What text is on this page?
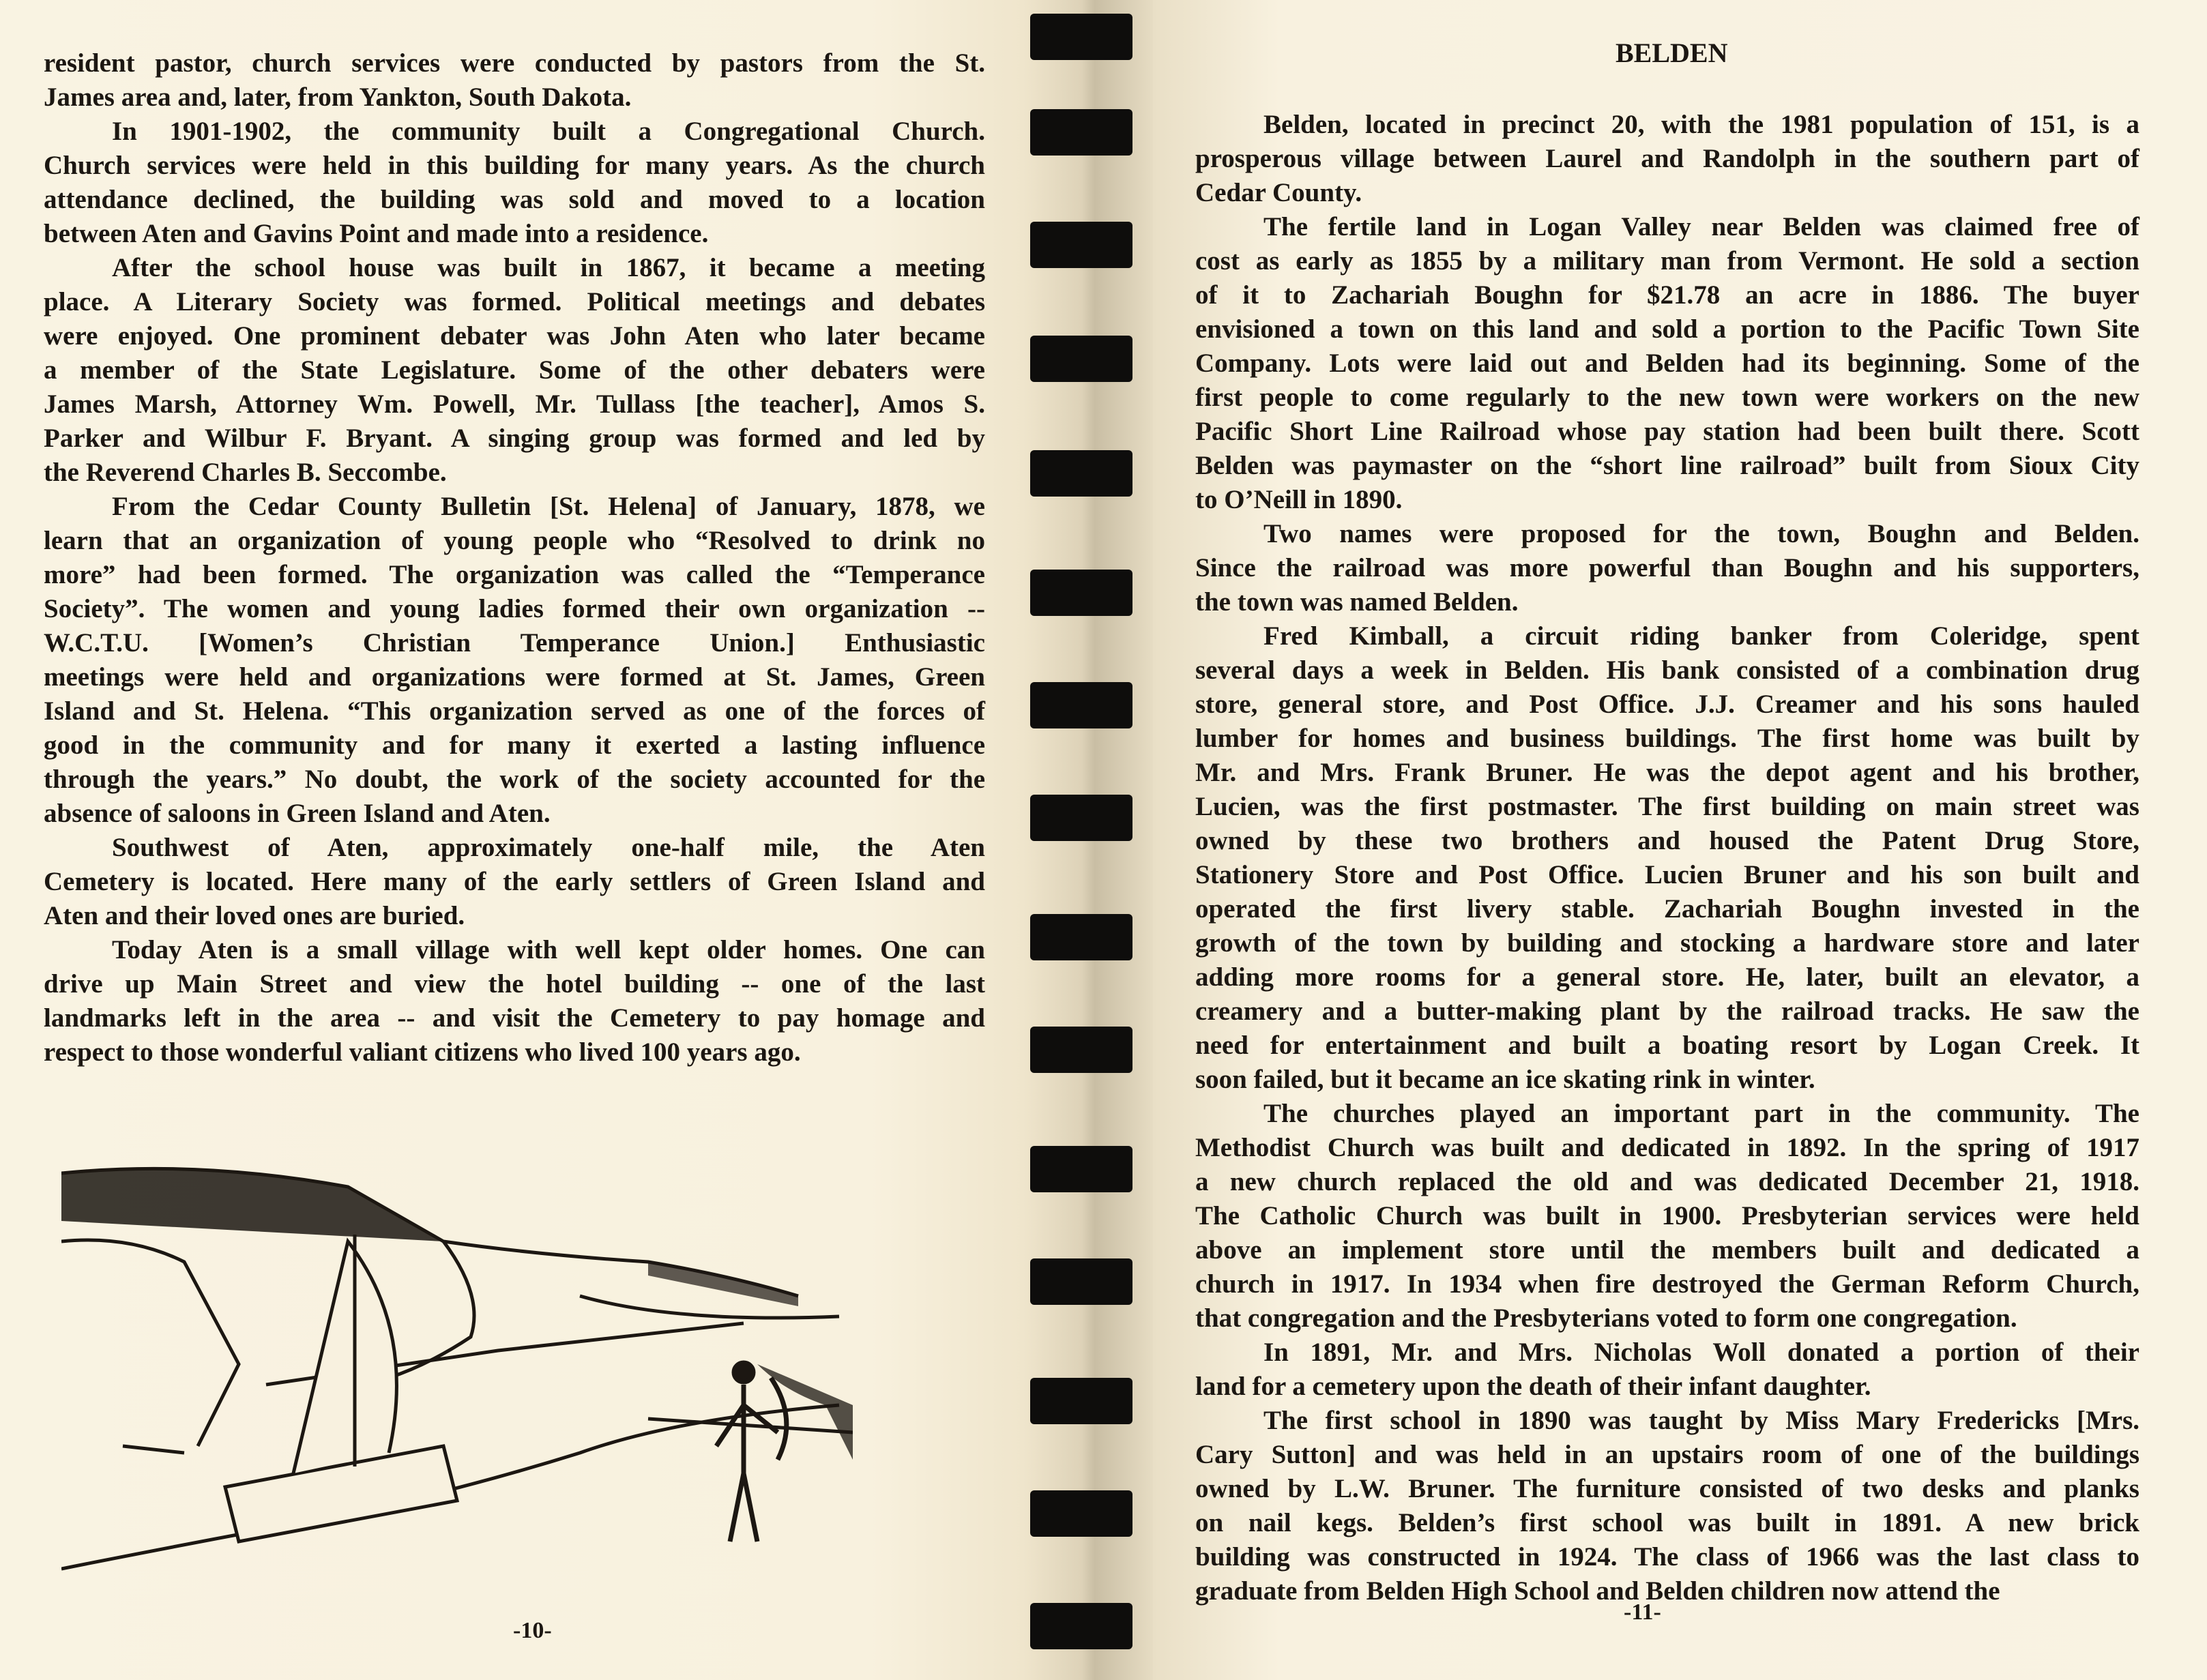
resident pastor, church services were conducted by pastors from the St.
James area and, later, from Yankton, South Dakota.
In 1901-1902, the community built a Congregational Church.
Church services were held in this building for many years. As the church
attendance declined, the building was sold and moved to a location
between Aten and Gavins Point and made into a residence.
After the school house was built in 1867, it became a meeting
place. A Literary Society was formed. Political meetings and debates
were enjoyed. One prominent debater was John Aten who later became
a member of the State Legislature. Some of the other debaters were
James Marsh, Attorney Wm. Powell, Mr. Tullass [the teacher], Amos S.
Parker and Wilbur F. Bryant. A singing group was formed and led by
the Reverend Charles B. Seccombe.
From the Cedar County Bulletin [St. Helena] of January, 1878, we
learn that an organization of young people who “Resolved to drink no
more” had been formed. The organization was called the “Temperance
Society”. The women and young ladies formed their own organization --
W.C.T.U. [Women’s Christian Temperance Union.] Enthusiastic
meetings were held and organizations were formed at St. James, Green
Island and St. Helena. “This organization served as one of the forces of
good in the community and for many it exerted a lasting influence
through the years.” No doubt, the work of the society accounted for the
absence of saloons in Green Island and Aten.
Southwest of Aten, approximately one-half mile, the Aten
Cemetery is located. Here many of the early settlers of Green Island and
Aten and their loved ones are buried.
Today Aten is a small village with well kept older homes. One can
drive up Main Street and view the hotel building -- one of the last
landmarks left in the area -- and visit the Cemetery to pay homage and
respect to those wonderful valiant citizens who lived 100 years ago.
BELDEN
Belden, located in precinct 20, with the 1981 population of 151, is a
prosperous village between Laurel and Randolph in the southern part of
Cedar County.
The fertile land in Logan Valley near Belden was claimed free of
cost as early as 1855 by a military man from Vermont. He sold a section
of it to Zachariah Boughn for $21.78 an acre in 1886. The buyer
envisioned a town on this land and sold a portion to the Pacific Town Site
Company. Lots were laid out and Belden had its beginning. Some of the
first people to come regularly to the new town were workers on the new
Pacific Short Line Railroad whose pay station had been built there. Scott
Belden was paymaster on the “short line railroad” built from Sioux City
to O’Neill in 1890.
Two names were proposed for the town, Boughn and Belden.
Since the railroad was more powerful than Boughn and his supporters,
the town was named Belden.
Fred Kimball, a circuit riding banker from Coleridge, spent
several days a week in Belden. His bank consisted of a combination drug
store, general store, and Post Office. J.J. Creamer and his sons hauled
lumber for homes and business buildings. The first home was built by
Mr. and Mrs. Frank Bruner. He was the depot agent and his brother,
Lucien, was the first postmaster. The first building on main street was
owned by these two brothers and housed the Patent Drug Store,
Stationery Store and Post Office. Lucien Bruner and his son built and
operated the first livery stable. Zachariah Boughn invested in the
growth of the town by building and stocking a hardware store and later
adding more rooms for a general store. He, later, built an elevator, a
creamery and a butter-making plant by the railroad tracks. He saw the
need for entertainment and built a boating resort by Logan Creek. It
soon failed, but it became an ice skating rink in winter.
The churches played an important part in the community. The
Methodist Church was built and dedicated in 1892. In the spring of 1917
a new church replaced the old and was dedicated December 21, 1918.
The Catholic Church was built in 1900. Presbyterian services were held
above an implement store until the members built and dedicated a
church in 1917. In 1934 when fire destroyed the German Reform Church,
that congregation and the Presbyterians voted to form one congregation.
In 1891, Mr. and Mrs. Nicholas Woll donated a portion of their
land for a cemetery upon the death of their infant daughter.
The first school in 1890 was taught by Miss Mary Fredericks [Mrs.
Cary Sutton] and was held in an upstairs room of one of the buildings
owned by L.W. Bruner. The furniture consisted of two desks and planks
on nail kegs. Belden’s first school was built in 1891. A new brick
building was constructed in 1924. The class of 1966 was the last class to
graduate from Belden High School and Belden children now attend the
-10-
-11-
